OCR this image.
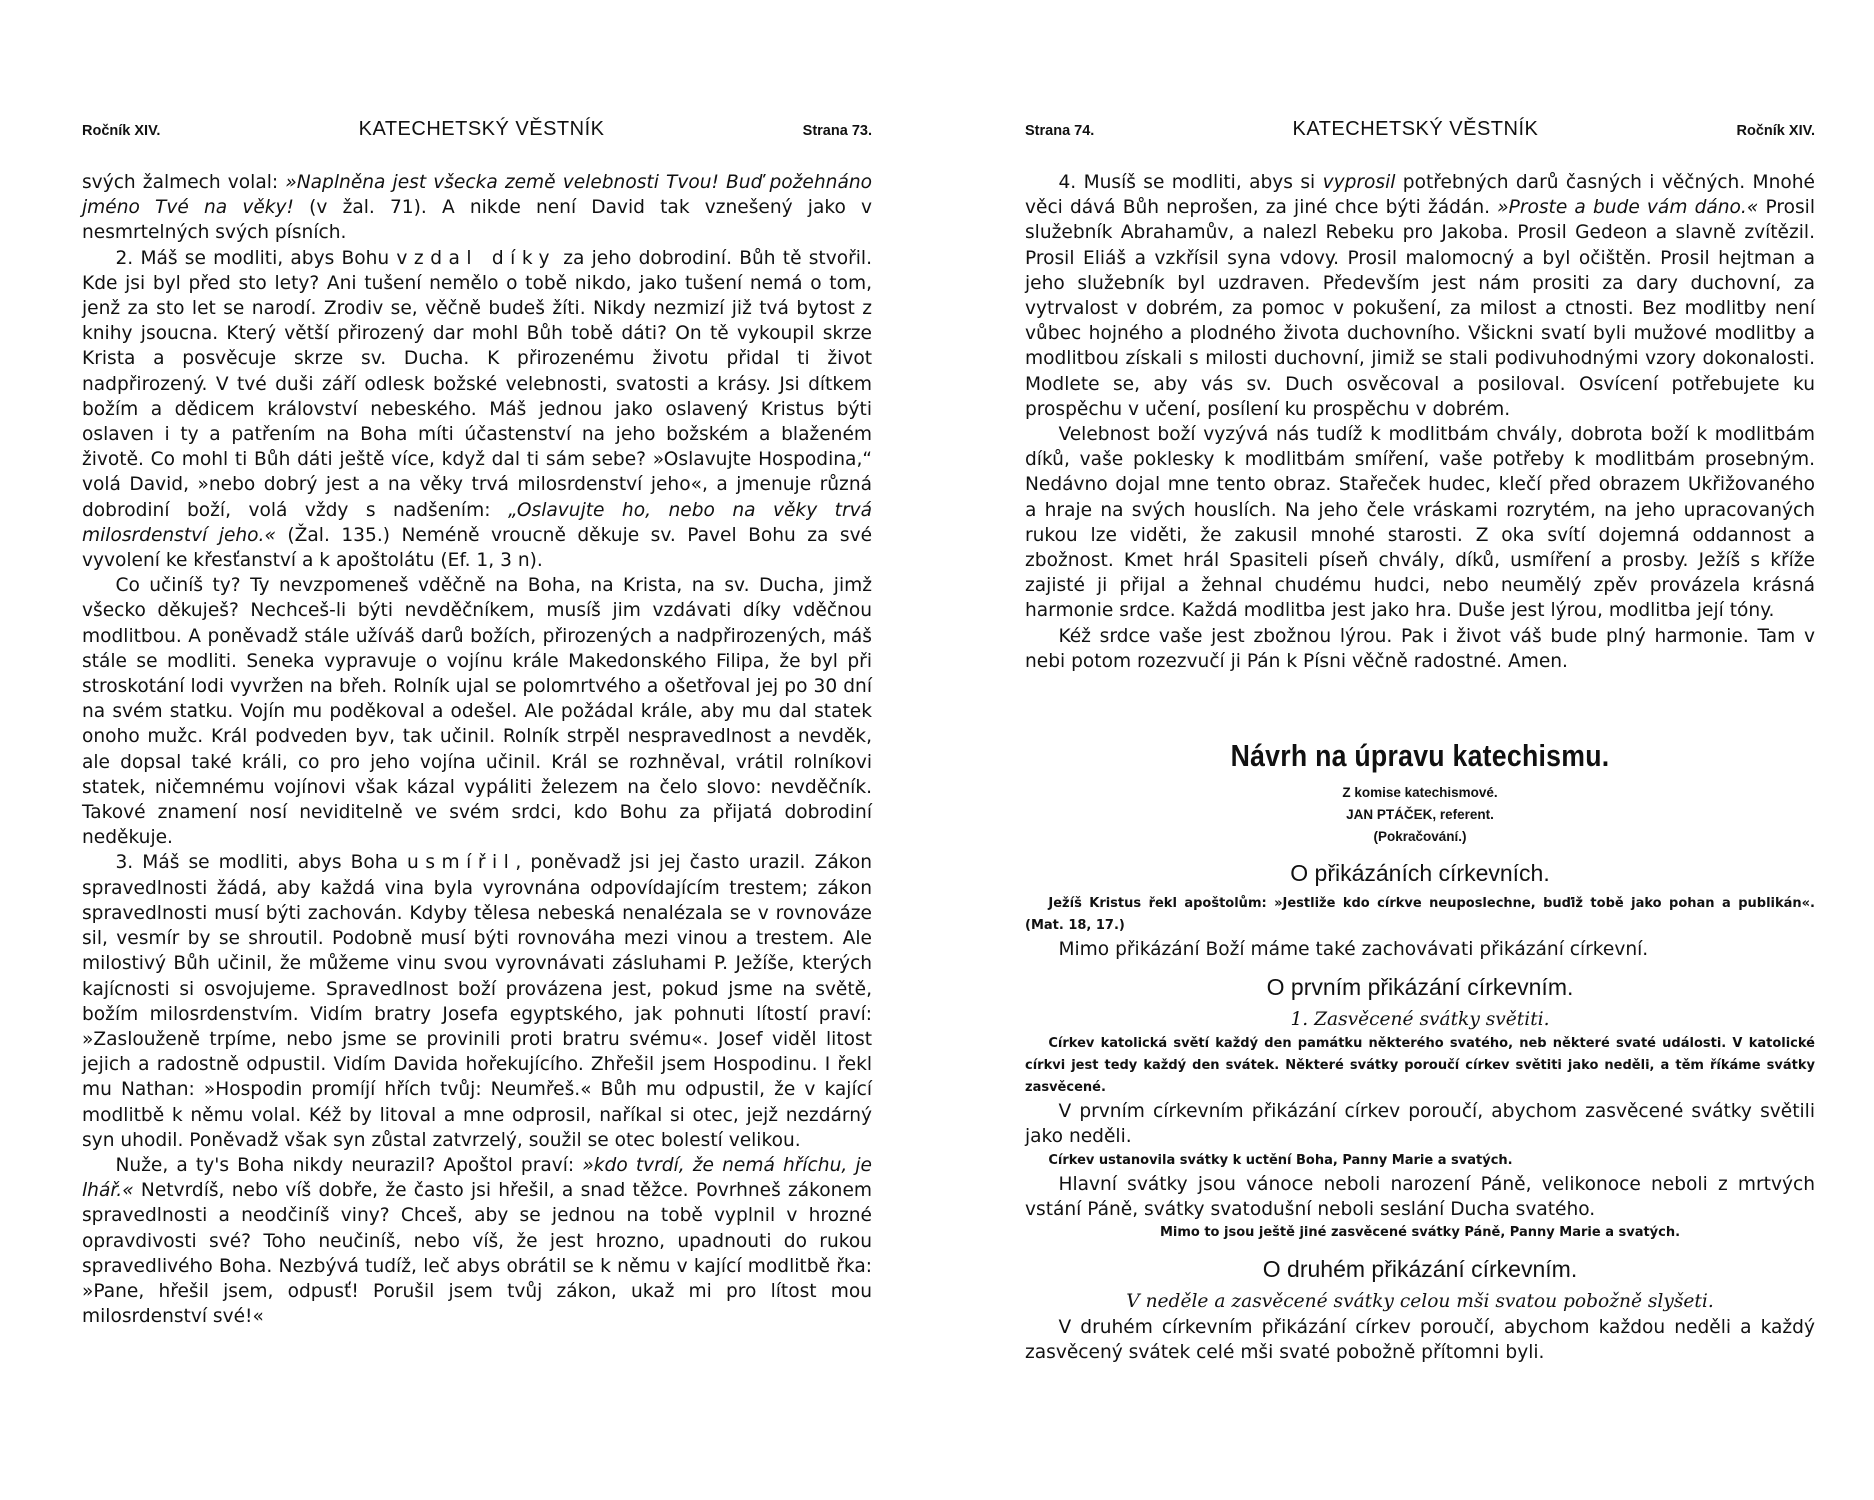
Ročník XIV.	KATECHETSKÝ VĚSTNÍK	Strana 73.

svých žalmech volal: »Naplněna jest všecka země velebnosti Tvou! Buď požehnáno jméno Tvé na věky! (v žal. 71). A nikde není David tak vznešený jako v nesmrtelných svých písních.

2. Máš se modliti, abys Bohu vzdal díky za jeho dobrodiní. Bůh tě stvořil. Kde jsi byl před sto lety? Ani tušení nemělo o tobě nikdo, jako tušení nemá o tom, jenž za sto let se narodí. Zrodiv se, věčně budeš žíti. Nikdy nezmizí již tvá bytost z knihy jsoucna. Který větší přirozený dar mohl Bůh tobě dáti? On tě vykoupil skrze Krista a posvěcuje skrze sv. Ducha. K přirozenému životu přidal ti život nadpřirozený. V tvé duši září odlesk božské velebnosti, svatosti a krásy. Jsi dítkem božím a dědicem království nebeského. Máš jednou jako oslavený Kristus býti oslaven i ty a patřením na Boha míti účastenství na jeho božském a blaženém životě. Co mohl ti Bůh dáti ještě více, když dal ti sám sebe? »Oslavujte Hospodina,“ volá David, »nebo dobrý jest a na věky trvá milosrdenství jeho«, a jmenuje různá dobrodiní boží, volá vždy s nadšením: „Oslavujte ho, nebo na věky trvá milosrdenství jeho.« (Žal. 135.) Neméně vroucně děkuje sv. Pavel Bohu za své vyvolení ke křesťanství a k apoštolátu (Ef. 1, 3 n).

Co učiníš ty? Ty nevzpomeneš vděčně na Boha, na Krista, na sv. Ducha, jimž všecko děkuješ? Nechceš-li býti nevděčníkem, musíš jim vzdávati díky vděčnou modlitbou. A poněvadž stále užíváš darů božích, přirozených a nadpřirozených, máš stále se modliti. Seneka vypravuje o vojínu krále Makedonského Filipa, že byl při stroskotání lodi vyvržen na břeh. Rolník ujal se polomrtvého a ošetřoval jej po 30 dní na svém statku. Vojín mu poděkoval a odešel. Ale požádal krále, aby mu dal statek onoho mužc. Král podveden byv, tak učinil. Rolník strpěl nespravedlnost a nevděk, ale dopsal také králi, co pro jeho vojína učinil. Král se rozhněval, vrátil rolníkovi statek, ničemnému vojínovi však kázal vypáliti železem na čelo slovo: nevděčník. Takové znamení nosí neviditelně ve svém srdci, kdo Bohu za přijatá dobrodiní neděkuje.

3. Máš se modliti, abys Boha usmířil, poněvadž jsi jej často urazil. Zákon spravedlnosti žádá, aby každá vina byla vyrovnána odpovídajícím trestem; zákon spravedlnosti musí býti zachován. Kdyby tělesa nebeská nenalézala se v rovnováze sil, vesmír by se shroutil. Podobně musí býti rovnováha mezi vinou a trestem. Ale milostivý Bůh učinil, že můžeme vinu svou vyrovnávati zásluhami P. Ježíše, kterých kajícnosti si osvojujeme. Spravedlnost boží provázena jest, pokud jsme na světě, božím milosrdenstvím. Vidím bratry Josefa egyptského, jak pohnuti lítostí praví: »Zaslouženě trpíme, nebo jsme se provinili proti bratru svému«. Josef viděl litost jejich a radostně odpustil. Vidím Davida hořekujícího. Zhřešil jsem Hospodinu. I řekl mu Nathan: »Hospodin promíjí hřích tvůj: Neumřeš.« Bůh mu odpustil, že v kající modlitbě k němu volal. Kéž by litoval a mne odprosil, naříkal si otec, jejž nezdárný syn uhodil. Poněvadž však syn zůstal zatvrzelý, soužil se otec bolestí velikou.

Nuže, a ty's Boha nikdy neurazil? Apoštol praví: »kdo tvrdí, že nemá hříchu, je lhář.« Netvrdíš, nebo víš dobře, že často jsi hřešil, a snad těžce. Povrhneš zákonem spravedlnosti a neodčiníš viny? Chceš, aby se jednou na tobě vyplnil v hrozné opravdivosti své? Toho neučiníš, nebo víš, že jest hrozno, upadnouti do rukou spravedlivého Boha. Nezbývá tudíž, leč abys obrátil se k němu v kající modlitbě řka: »Pane, hřešil jsem, odpusť! Porušil jsem tvůj zákon, ukaž mi pro lítost mou milosrdenství své!«

Strana 74.	KATECHETSKÝ VĚSTNÍK	Ročník XIV.

4. Musíš se modliti, abys si vyprosil potřebných darů časných i věčných. Mnohé věci dává Bůh neprošen, za jiné chce býti žádán. »Proste a bude vám dáno.« Prosil služebník Abrahamův, a nalezl Rebeku pro Jakoba. Prosil Gedeon a slavně zvítězil. Prosil Eliáš a vzkřísil syna vdovy. Prosil malomocný a byl očištěn. Prosil hejtman a jeho služebník byl uzdraven. Především jest nám prositi za dary duchovní, za vytrvalost v dobrém, za pomoc v pokušení, za milost a ctnosti. Bez modlitby není vůbec hojného a plodného života duchovního. Všickni svatí byli mužové modlitby a modlitbou získali s milosti duchovní, jimiž se stali podivuhodnými vzory dokonalosti. Modlete se, aby vás sv. Duch osvěcoval a posiloval. Osvícení potřebujete ku prospěchu v učení, posílení ku prospěchu v dobrém.

Velebnost boží vyzývá nás tudíž k modlitbám chvály, dobrota boží k modlitbám díků, vaše poklesky k modlitbám smíření, vaše potřeby k modlitbám prosebným. Nedávno dojal mne tento obraz. Stařeček hudec, klečí před obrazem Ukřižovaného a hraje na svých houslích. Na jeho čele vráskami rozrytém, na jeho upracovaných rukou lze viděti, že zakusil mnohé starosti. Z oka svítí dojemná oddannost a zbožnost. Kmet hrál Spasiteli píseň chvály, díků, usmíření a prosby. Ježíš s kříže zajisté ji přijal a žehnal chudému hudci, nebo neumělý zpěv provázela krásná harmonie srdce. Každá modlitba jest jako hra. Duše jest lýrou, modlitba její tóny.

Kéž srdce vaše jest zbožnou lýrou. Pak i život váš bude plný harmonie. Tam v nebi potom rozezvučí ji Pán k Písni věčně radostné. Amen.

Návrh na úpravu katechismu.
Z komise katechismové.
JAN PTÁČEK, referent.
(Pokračování.)
O přikázáních církevních.

Ježíš Kristus řekl apoštolům: »Jestliže kdo církve neuposlechne, buďiž tobě jako pohan a publikán«. (Mat. 18, 17.)

Mimo přikázání Boží máme také zachovávati přikázání církevní.

O prvním přikázání církevním.
1. Zasvěcené svátky světiti.

Církev katolická světí každý den památku některého svatého, neb některé svaté události. V katolické církvi jest tedy každý den svátek. Některé svátky poroučí církev světiti jako neděli, a těm říkáme svátky zasvěcené.

V prvním církevním přikázání církev poroučí, abychom zasvěcené svátky světili jako neděli.

Církev ustanovila svátky k uctění Boha, Panny Marie a svatých.

Hlavní svátky jsou vánoce neboli narození Páně, velikonoce neboli z mrtvých vstání Páně, svátky svatodušní neboli seslání Ducha svatého.

Mimo to jsou ještě jiné zasvěcené svátky Páně, Panny Marie a svatých.
O druhém přikázání církevním.
V neděle a zasvěcené svátky celou mši svatou pobožně slyšeti.

V druhém církevním přikázání církev poroučí, abychom každou neděli a každý zasvěcený svátek celé mši svaté pobožně přítomni byli.
